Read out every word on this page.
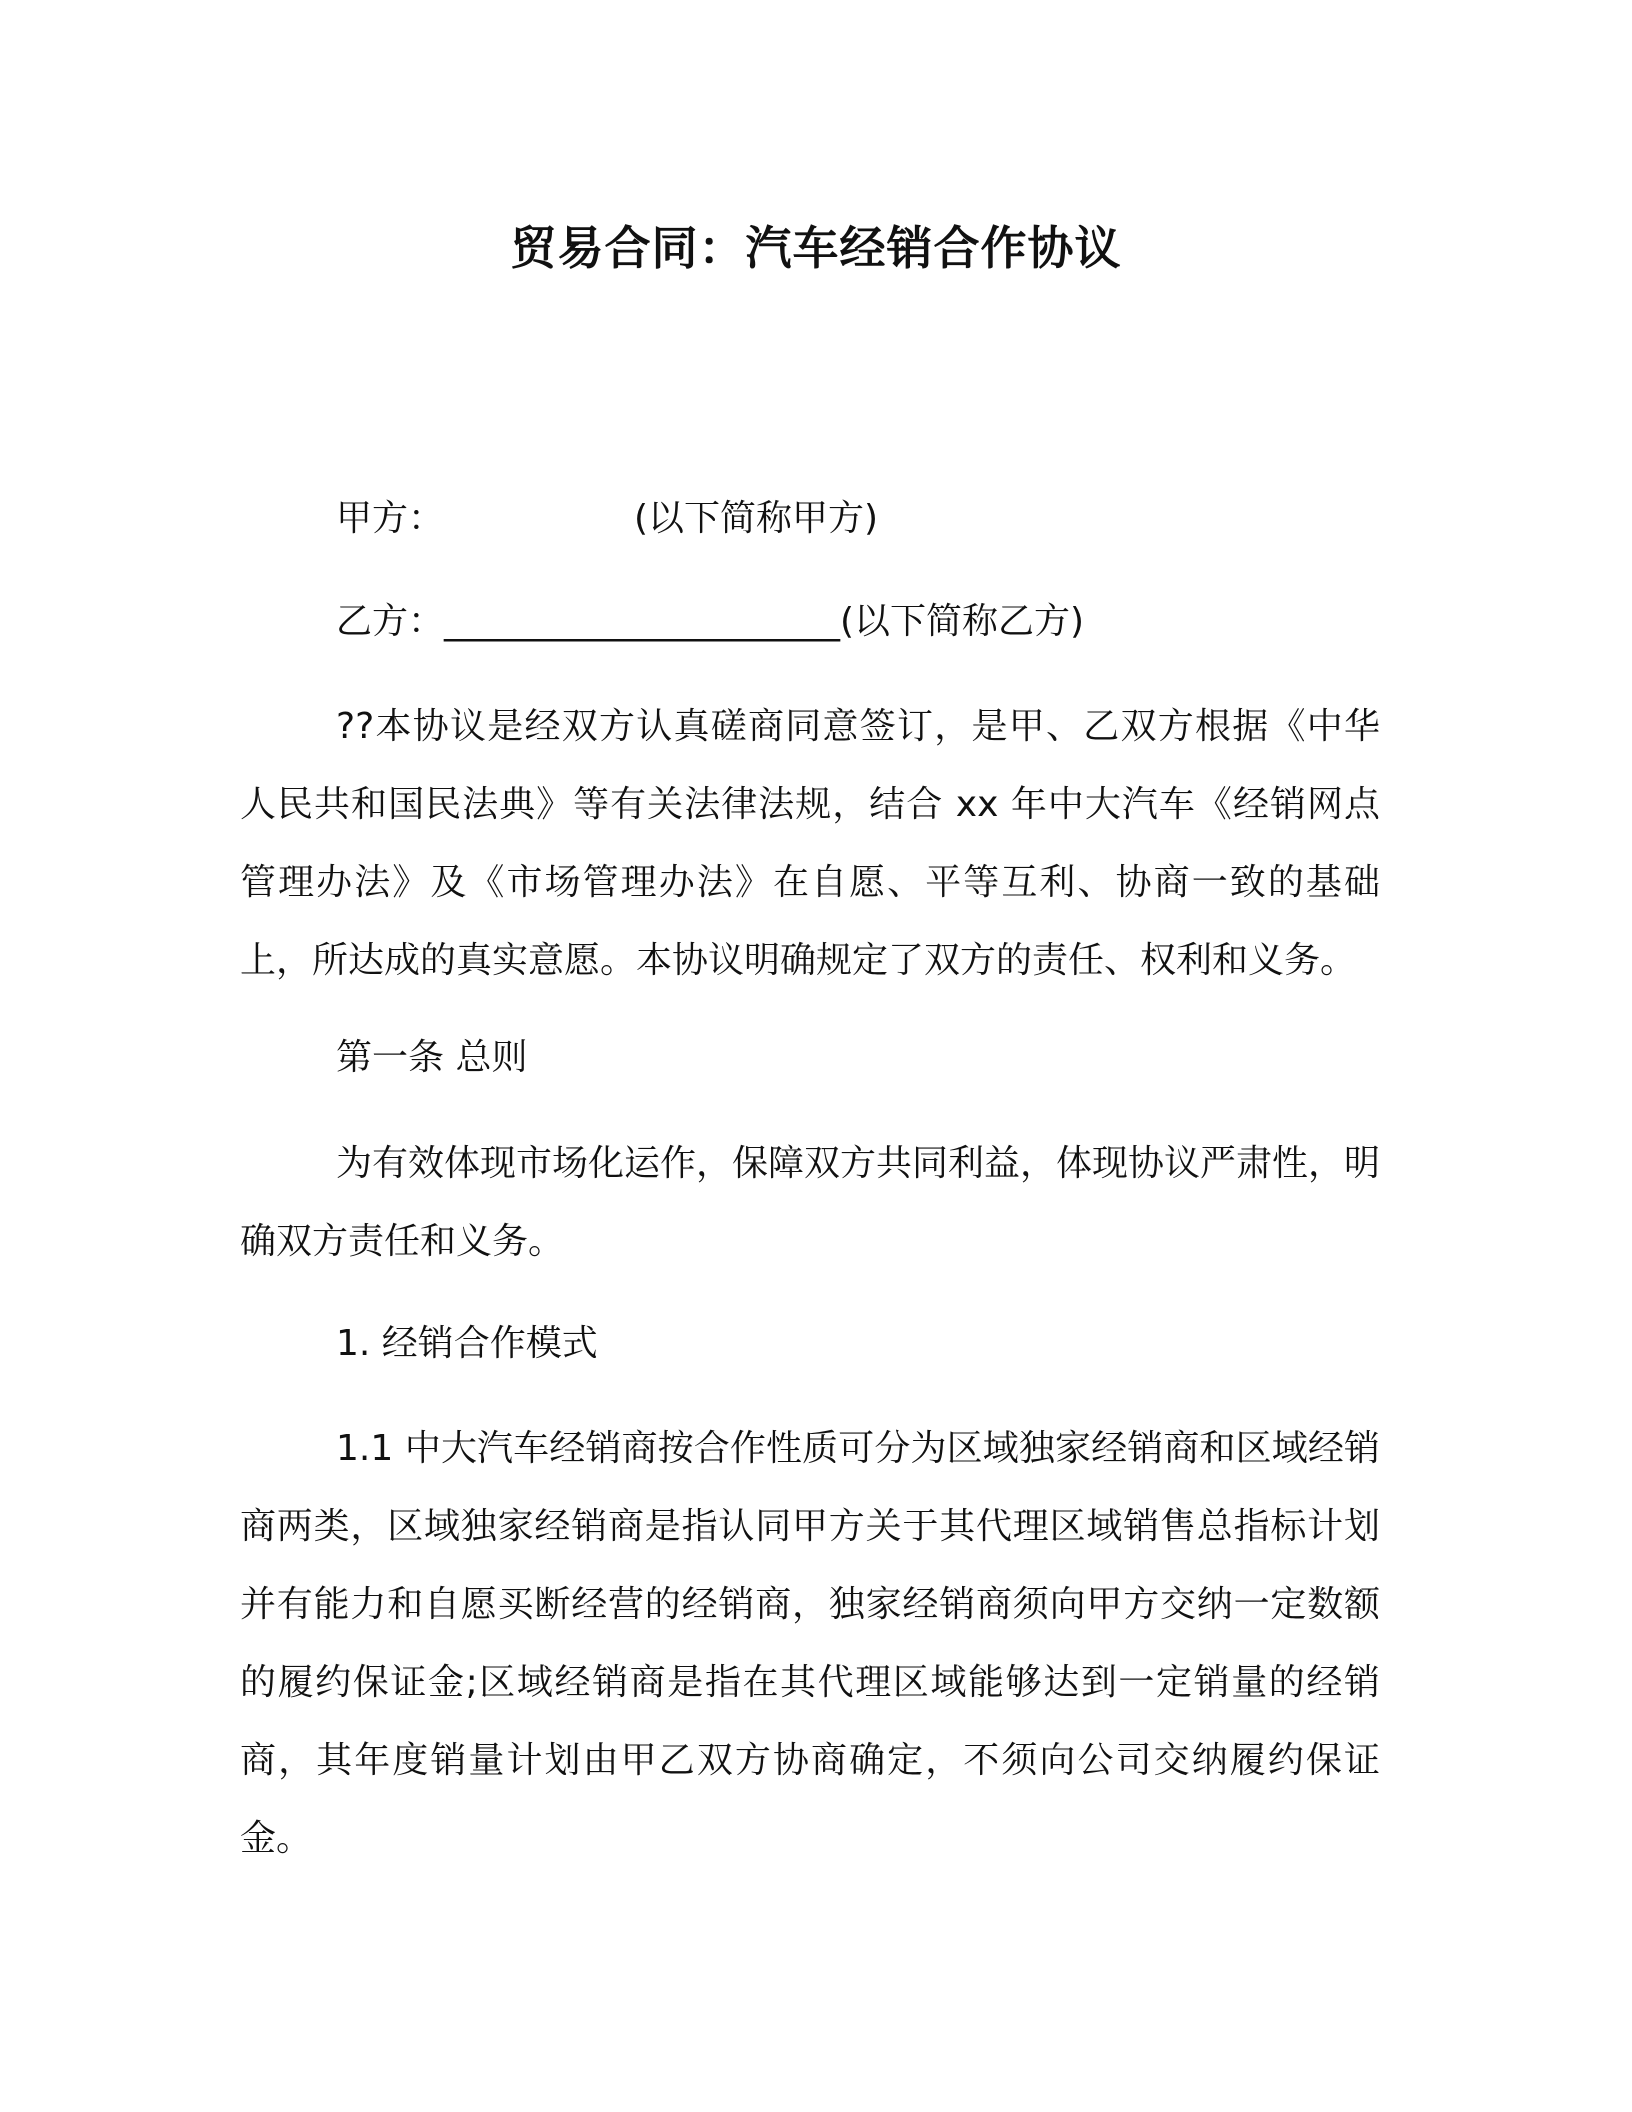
贸易合同：汽车经销合作协议

甲方：	(以下简称甲方)

乙方：______________________(以下简称乙方)

??本协议是经双方认真磋商同意签订，是甲、乙双方根据《中华人民共和国民法典》等有关法律法规，结合 xx 年中大汽车《经销网点管理办法》及《市场管理办法》在自愿、平等互利、协商一致的基础上，所达成的真实意愿。本协议明确规定了双方的责任、权利和义务。

第一条 总则

为有效体现市场化运作，保障双方共同利益，体现协议严肃性，明确双方责任和义务。

1. 经销合作模式

1.1 中大汽车经销商按合作性质可分为区域独家经销商和区域经销商两类，区域独家经销商是指认同甲方关于其代理区域销售总指标计划并有能力和自愿买断经营的经销商，独家经销商须向甲方交纳一定数额的履约保证金;区域经销商是指在其代理区域能够达到一定销量的经销商，其年度销量计划由甲乙双方协商确定，不须向公司交纳履约保证金。
